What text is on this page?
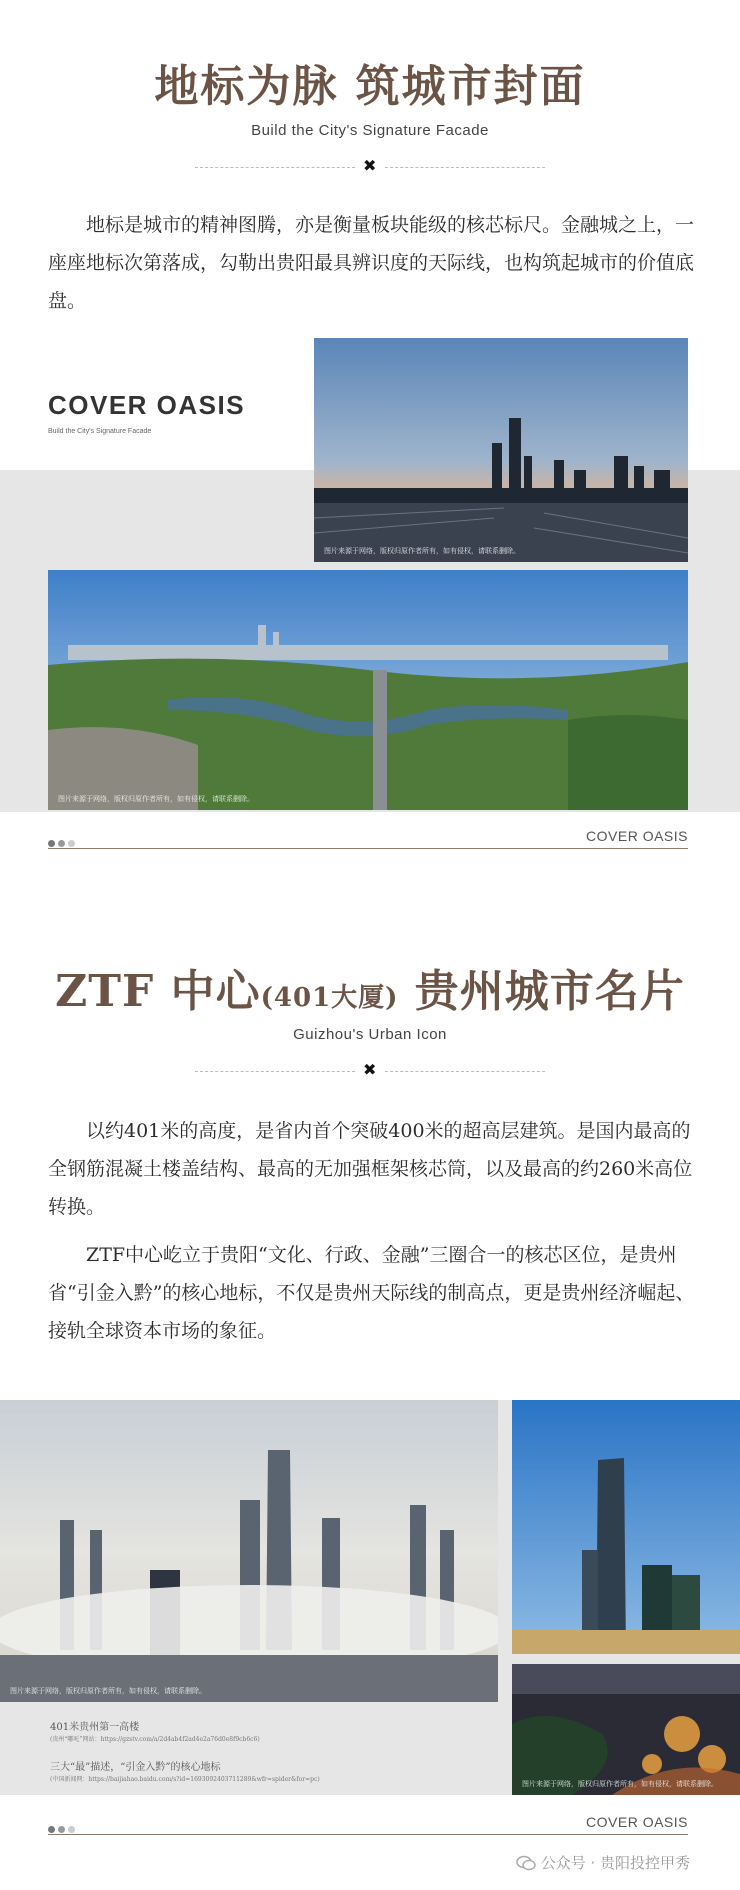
地标为脉 筑城市封面
Build the City's Signature Facade
✖

地标是城市的精神图腾，亦是衡量板块能级的核芯标尺。金融城之上，一座座地标次第落成，勾勒出贵阳最具辨识度的天际线，也构筑起城市的价值底盘。

COVER OASIS
Build the City's Signature Facade
图片来源于网络，版权归原作者所有，如有侵权，请联系删除。
图片来源于网络，版权归原作者所有，如有侵权，请联系删除。
COVER OASIS
ZTF 中心(401大厦) 贵州城市名片
Guizhou's Urban Icon
✖

以约401米的高度，是省内首个突破400米的超高层建筑。是国内最高的全钢筋混凝土楼盖结构、最高的无加强框架核芯筒，以及最高的约260米高位转换。

ZTF中心屹立于贵阳“文化、行政、金融”三圈合一的核芯区位，是贵州省“引金入黔”的核心地标，不仅是贵州天际线的制高点，更是贵州经济崛起、接轨全球资本市场的象征。

图片来源于网络，版权归原作者所有，如有侵权，请联系删除。
图片来源于网络，版权归原作者所有，如有侵权，请联系删除。
401米贵州第一高楼
(贵州“哪吒”网站：https://gzstv.com/a/2d4ab4f2ad4e2a76d0e8f9cb6c6)
三大“最”描述，“引金入黔”的核心地标
(中国新闻网：https://baijiahao.baidu.com/s?id=1693092403711289&wfr=spider&for=pc)
COVER OASIS
公众号 · 贵阳投控甲秀
